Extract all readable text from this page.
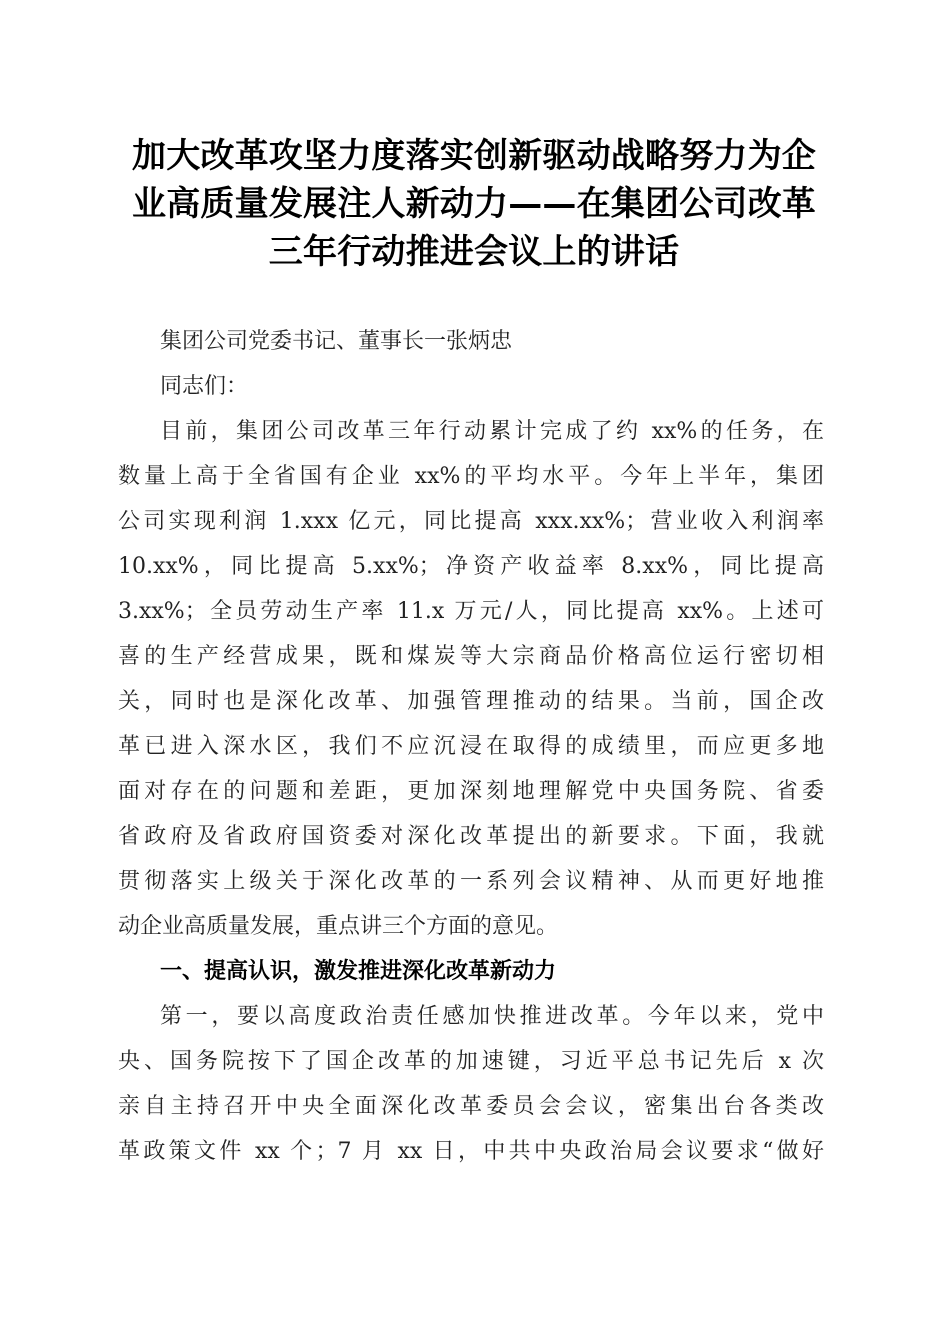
加大改革攻坚力度落实创新驱动战略努力为企业高质量发展注人新动力——在集团公司改革三年行动推进会议上的讲话
集团公司党委书记、董事长一张炳忠
同志们：
目前，集团公司改革三年行动累计完成了约 xx%的任务，在
数量上高于全省国有企业 xx%的平均水平。今年上半年，集团
公司实现利润 1.xxx 亿元，同比提高 xxx.xx%；营业收入利润率
10.xx%，同比提高 5.xx%；净资产收益率 8.xx%，同比提高
3.xx%；全员劳动生产率 11.x 万元/人，同比提高 xx%。上述可
喜的生产经营成果，既和煤炭等大宗商品价格高位运行密切相
关，同时也是深化改革、加强管理推动的结果。当前，国企改
革已进入深水区，我们不应沉浸在取得的成绩里，而应更多地
面对存在的问题和差距，更加深刻地理解党中央国务院、省委
省政府及省政府国资委对深化改革提出的新要求。下面，我就
贯彻落实上级关于深化改革的一系列会议精神、从而更好地推
动企业高质量发展，重点讲三个方面的意见。
一、提高认识，激发推进深化改革新动力
第一，要以高度政治责任感加快推进改革。今年以来，党中
央、国务院按下了国企改革的加速键，习近平总书记先后 x 次
亲自主持召开中央全面深化改革委员会会议，密集出台各类改
革政策文件 xx 个；7 月 xx 日，中共中央政治局会议要求“做好
